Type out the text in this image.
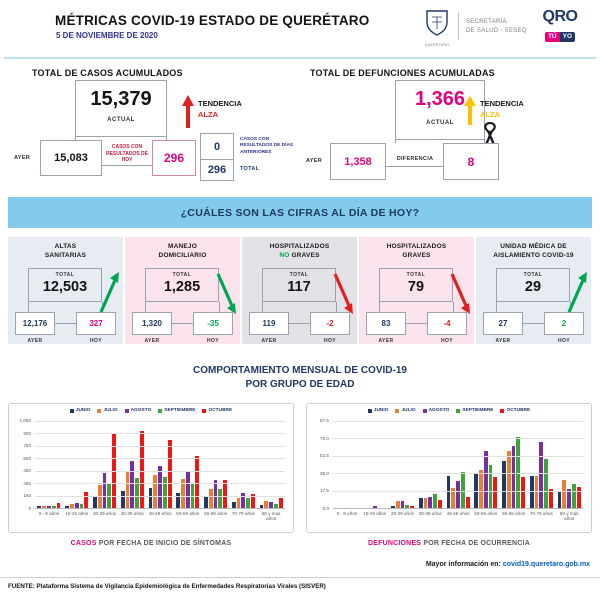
MÉTRICAS COVID-19 ESTADO DE QUERÉTARO
5 DE NOVIEMBRE DE 2020
QUERÉTARO
SECRETARÍA
DE SALUD - SESEQ
QRO
TÚ YO
TOTAL DE CASOS ACUMULADOS
15,379
ACTUAL
TENDENCIA
ALZA
AYER 15,083
CASOS CON RESULTADOS DE HOY	296
0
296
CASOS CON RESULTADOS DE DÍAS ANTERIORES
TOTAL
TOTAL DE DEFUNCIONES ACUMULADAS
1,366
ACTUAL
TENDENCIA
ALZA
AYER 1,358	DIFERENCIA	8
¿CUÁLES SON LAS CIFRAS AL DÍA DE HOY?
ALTAS
SANITARIAS
TOTAL
12,503
12,176	327
AYER	HOY
MANEJO
DOMICILIARIO
TOTAL
1,285
1,320	-35
AYER	HOY
HOSPITALIZADOS
NO GRAVES
TOTAL
117
119	-2
AYER	HOY
HOSPITALIZADOS
GRAVES
TOTAL
79
83	-4
AYER	HOY
UNIDAD MÉDICA DE
AISLAMIENTO COVID-19
TOTAL
29
27	2
AYER	HOY
COMPORTAMIENTO MENSUAL DE COVID-19
POR GRUPO DE EDAD
JUNIO	JULIO	AGOSTO	SEPTIEMBRE	OCTUBRE
1,050
900
750
600
450
300
150
0
0 - 9 años	10-19 años	20-29 años	30-39 años	40-49 años	50-59 años	60-69 años	70-79 años	80 y mas años
JUNIO	JULIO	AGOSTO	SEPTIEMBRE	OCTUBRE
87.5
70.0
52.5
35.0
17.5
0.0
0 - 9 años	10-19 años	20-29 años	30-39 años	40-49 años	50-59 años	60-69 años	70-79 años	80 y más años
CASOS POR FECHA DE INICIO DE SÍNTOMAS	DEFUNCIONES POR FECHA DE OCURRENCIA
Mayor información en: covid19.queretaro.gob.mx
FUENTE: Plataforma Sistema de Vigilancia Epidemiológica de Enfermedades Respiratorias Virales (SISVER)
